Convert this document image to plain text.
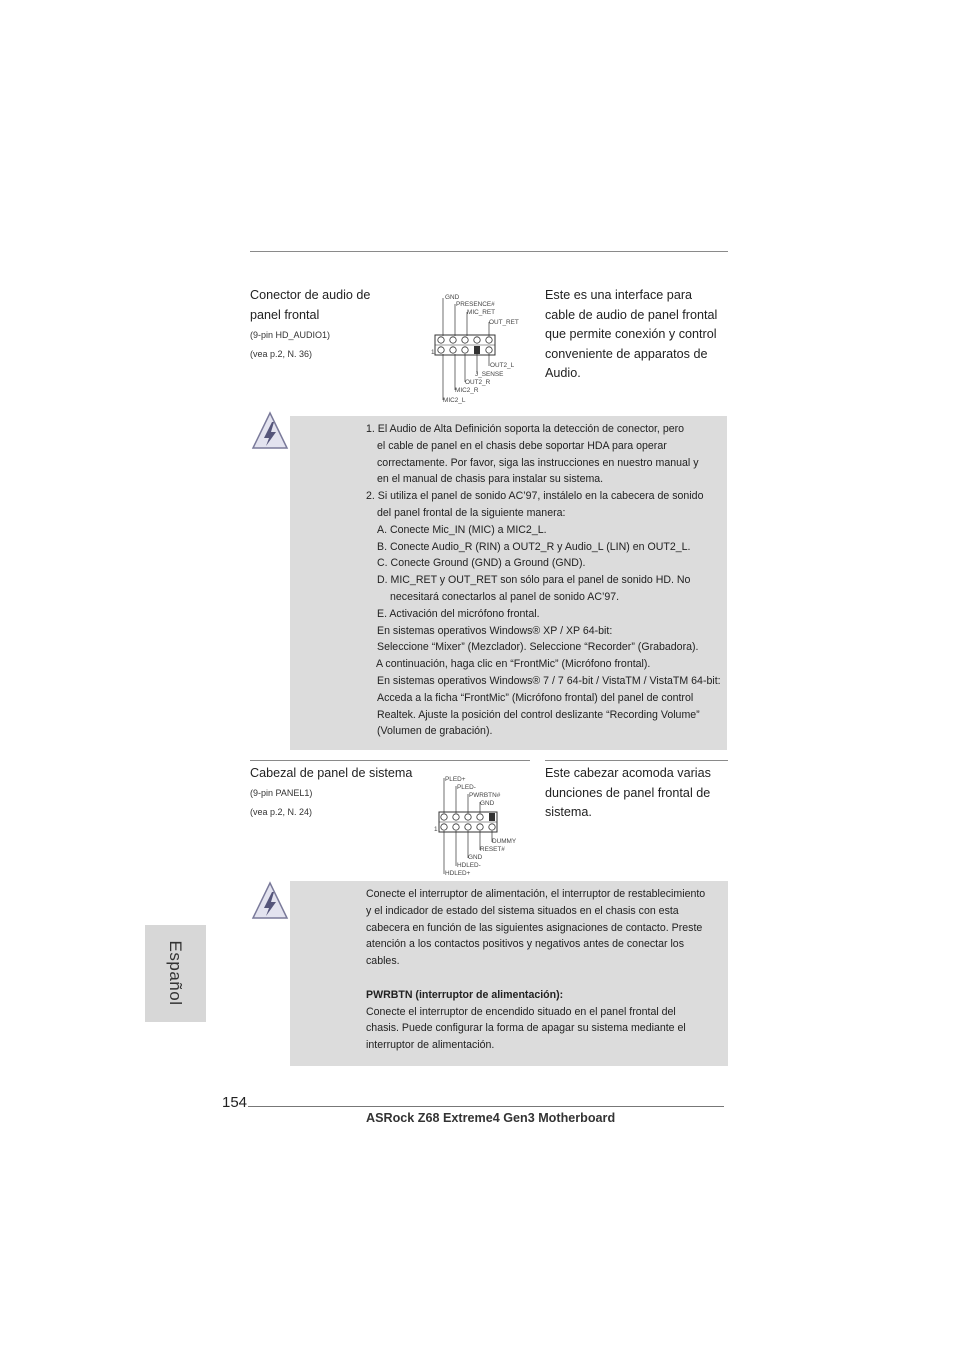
Conector de audio de
panel frontal
(9-pin HD_AUDIO1)
(vea p.2, N. 36)
GND
PRESENCE#
MIC_RET
OUT_RET
OUT2_L
J_SENSE
OUT2_R
MIC2_R
MIC2_L
1
Este es una interface para
cable de audio de panel frontal
que permite conexión y control
conveniente de apparatos de
Audio.
1. El Audio de Alta Definición soporta la detección de conector, pero
el cable de panel en el chasis debe soportar HDA para operar
correctamente. Por favor, siga las instrucciones en nuestro manual y
en el manual de chasis para instalar su sistema.
2. Si utiliza el panel de sonido AC’97, instálelo en la cabecera de sonido
del panel frontal de la siguiente manera:
A. Conecte Mic_IN (MIC) a MIC2_L.
B. Conecte Audio_R (RIN) a OUT2_R y Audio_L (LIN) en OUT2_L.
C. Conecte Ground (GND) a Ground (GND).
D. MIC_RET y OUT_RET son sólo para el panel de sonido HD. No
necesitará conectarlos al panel de sonido AC’97.
E. Activación del micrófono frontal.
En sistemas operativos Windows® XP / XP 64-bit:
Seleccione “Mixer” (Mezclador). Seleccione “Recorder” (Grabadora).
A continuación, haga clic en “FrontMic” (Micrófono frontal).
En sistemas operativos Windows® 7 / 7 64-bit / VistaTM / VistaTM 64-bit:
Acceda a la ficha “FrontMic” (Micrófono frontal) del panel de control
Realtek. Ajuste la posición del control deslizante “Recording Volume”
(Volumen de grabación).
Cabezal de panel de sistema
(9-pin PANEL1)
(vea p.2, N. 24)
PLED+
PLED-
PWRBTN#
GND
DUMMY
RESET#
GND
HDLED-
HDLED+
1
Este cabezar acomoda varias
dunciones de panel frontal de
sistema.
Conecte el interruptor de alimentación, el interruptor de restablecimiento
y el indicador de estado del sistema situados en el chasis con esta
cabecera en función de las siguientes asignaciones de contacto. Preste
atención a los contactos positivos y negativos antes de conectar los
cables.
PWRBTN (interruptor de alimentación):
Conecte el interruptor de encendido situado en el panel frontal del
chasis. Puede configurar la forma de apagar su sistema mediante el
interruptor de alimentación.
Español
154
ASRock Z68 Extreme4 Gen3 Motherboard
